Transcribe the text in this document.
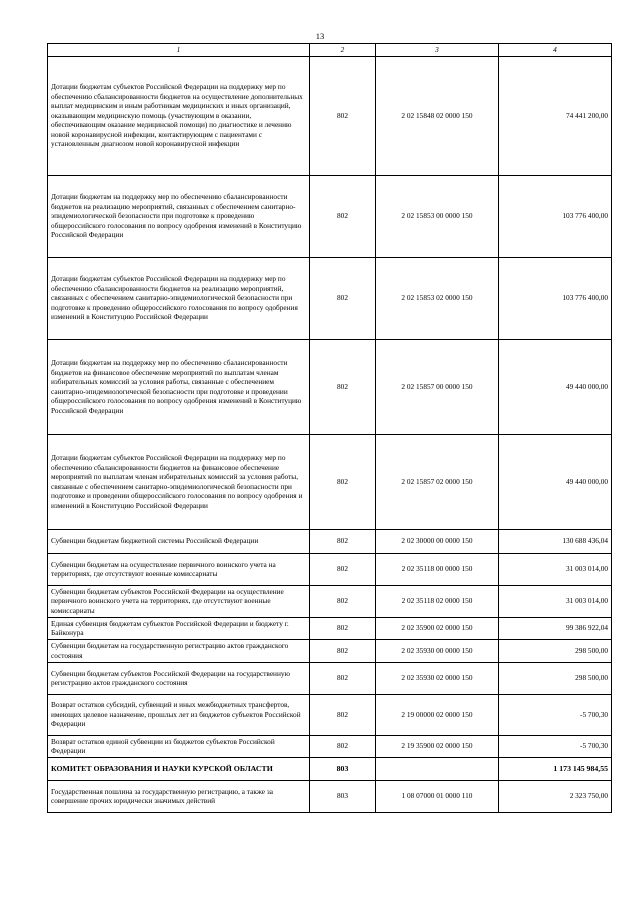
13
1	2	3	4
Дотации бюджетам субъектов Российской Федерации на поддержку мер по обеспечению сбалансированности бюджетов на осуществление дополнительных выплат медицинским и иным работникам медицинских и иных организаций, оказывающим медицинскую помощь (участвующим в оказании, обеспечивающим оказание медицинской помощи) по диагностике и лечению новой коронавирусной инфекции, контактирующим с пациентами с установленным диагнозом новой коронавирусной инфекции	802	2 02 15848 02 0000 150	74 441 200,00
Дотации бюджетам на поддержку мер по обеспечению сбалансированности бюджетов на реализацию мероприятий, связанных с обеспечением санитарно-эпидемиологической безопасности при подготовке к проведению общероссийского голосования по вопросу одобрения изменений в Конституцию Российской Федерации	802	2 02 15853 00 0000 150	103 776 400,00
Дотации бюджетам субъектов Российской Федерации на поддержку мер по обеспечению сбалансированности бюджетов на реализацию мероприятий, связанных с обеспечением санитарно-эпидемиологической безопасности при подготовке к проведению общероссийского голосования по вопросу одобрения изменений в Конституцию Российской Федерации	802	2 02 15853 02 0000 150	103 776 400,00
Дотации бюджетам на поддержку мер по обеспечению сбалансированности бюджетов на финансовое обеспечение мероприятий по выплатам членам избирательных комиссий за условия работы, связанные с обеспечением санитарно-эпидемиологической безопасности при подготовке и проведении общероссийского голосования по вопросу одобрения изменений в Конституцию Российской Федерации	802	2 02 15857 00 0000 150	49 440 000,00
Дотации бюджетам субъектов Российской Федерации на поддержку мер по обеспечению сбалансированности бюджетов на финансовое обеспечение мероприятий по выплатам членам избирательных комиссий за условия работы, связанные с обеспечением санитарно-эпидемиологической безопасности при подготовке и проведении общероссийского голосования по вопросу одобрения и изменений в Конституцию Российской Федерации	802	2 02 15857 02 0000 150	49 440 000,00
Субвенции бюджетам бюджетной системы Российской Федерации	802	2 02 30000 00 0000 150	130 688 436,04
Субвенции бюджетам на осуществление первичного воинского учета на территориях, где отсутствуют военные комиссариаты	802	2 02 35118 00 0000 150	31 003 014,00
Субвенции бюджетам субъектов Российской Федерации на осуществление первичного воинского учета на территориях, где отсутствуют военные комиссариаты	802	2 02 35118 02 0000 150	31 003 014,00
Единая субвенция бюджетам субъектов Российской Федерации и бюджету г. Байконура	802	2 02 35900 02 0000 150	99 386 922,04
Субвенции бюджетам на государственную регистрацию актов гражданского состояния	802	2 02 35930 00 0000 150	298 500,00
Субвенции бюджетам субъектов Российской Федерации на государственную регистрацию актов гражданского состояния	802	2 02 35930 02 0000 150	298 500,00
Возврат остатков субсидий, субвенций и иных межбюджетных трансфертов, имеющих целевое назначение, прошлых лет из бюджетов субъектов Российской Федерации	802	2 19 00000 02 0000 150	-5 700,30
Возврат остатков единой субвенции из бюджетов субъектов Российской Федерации	802	2 19 35900 02 0000 150	-5 700,30
КОМИТЕТ ОБРАЗОВАНИЯ И НАУКИ КУРСКОЙ ОБЛАСТИ	803		1 173 145 984,55
Государственная пошлина за государственную регистрацию, а также за совершение прочих юридически значимых действий	803	1 08 07000 01 0000 110	2 323 750,00
